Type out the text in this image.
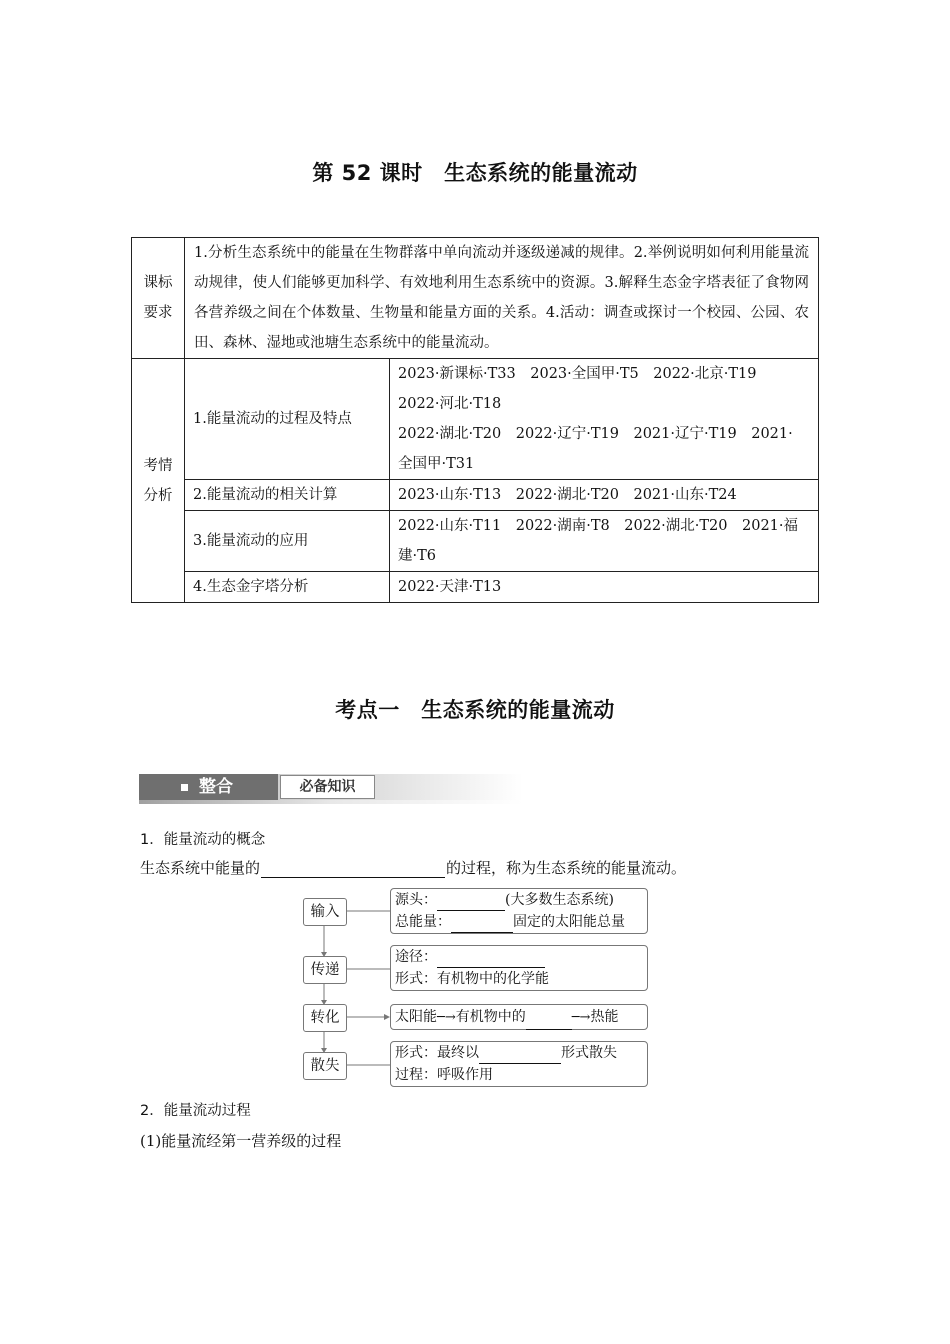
第 52 课时　生态系统的能量流动
课标
要求	1.分析生态系统中的能量在生物群落中单向流动并逐级递减的规律。2.举例说明如何利用能量流动规律，使人们能够更加科学、有效地利用生态系统中的资源。3.解释生态金字塔表征了食物网各营养级之间在个体数量、生物量和能量方面的关系。4.活动：调查或探讨一个校园、公园、农田、森林、湿地或池塘生态系统中的能量流动。	

考情
分析	1.能量流动的过程及特点	2023·新课标·T33　2023·全国甲·T5　2022·北京·T19
2022·河北·T18
2022·湖北·T20　2022·辽宁·T19　2021·辽宁·T19　2021·
全国甲·T31

	2.能量流动的相关计算	2023·山东·T13　2022·湖北·T20　2021·山东·T24

	3.能量流动的应用	2022·山东·T11　2022·湖南·T8　2022·湖北·T20　2021·福
建·T6

	4.生态金字塔分析	2022·天津·T13
考点一　生态系统的能量流动
整合	必备知识
1．能量流动的概念
生态系统中能量的	的过程，称为生态系统的能量流动。
输入
传递
转化
散失
源头：	(大多数生态系统)
总能量：	固定的太阳能总量
途径：
形式：有机物中的化学能
太阳能─→有机物中的	─→热能
形式：最终以	形式散失
过程：呼吸作用
2．能量流动过程
(1)能量流经第一营养级的过程
